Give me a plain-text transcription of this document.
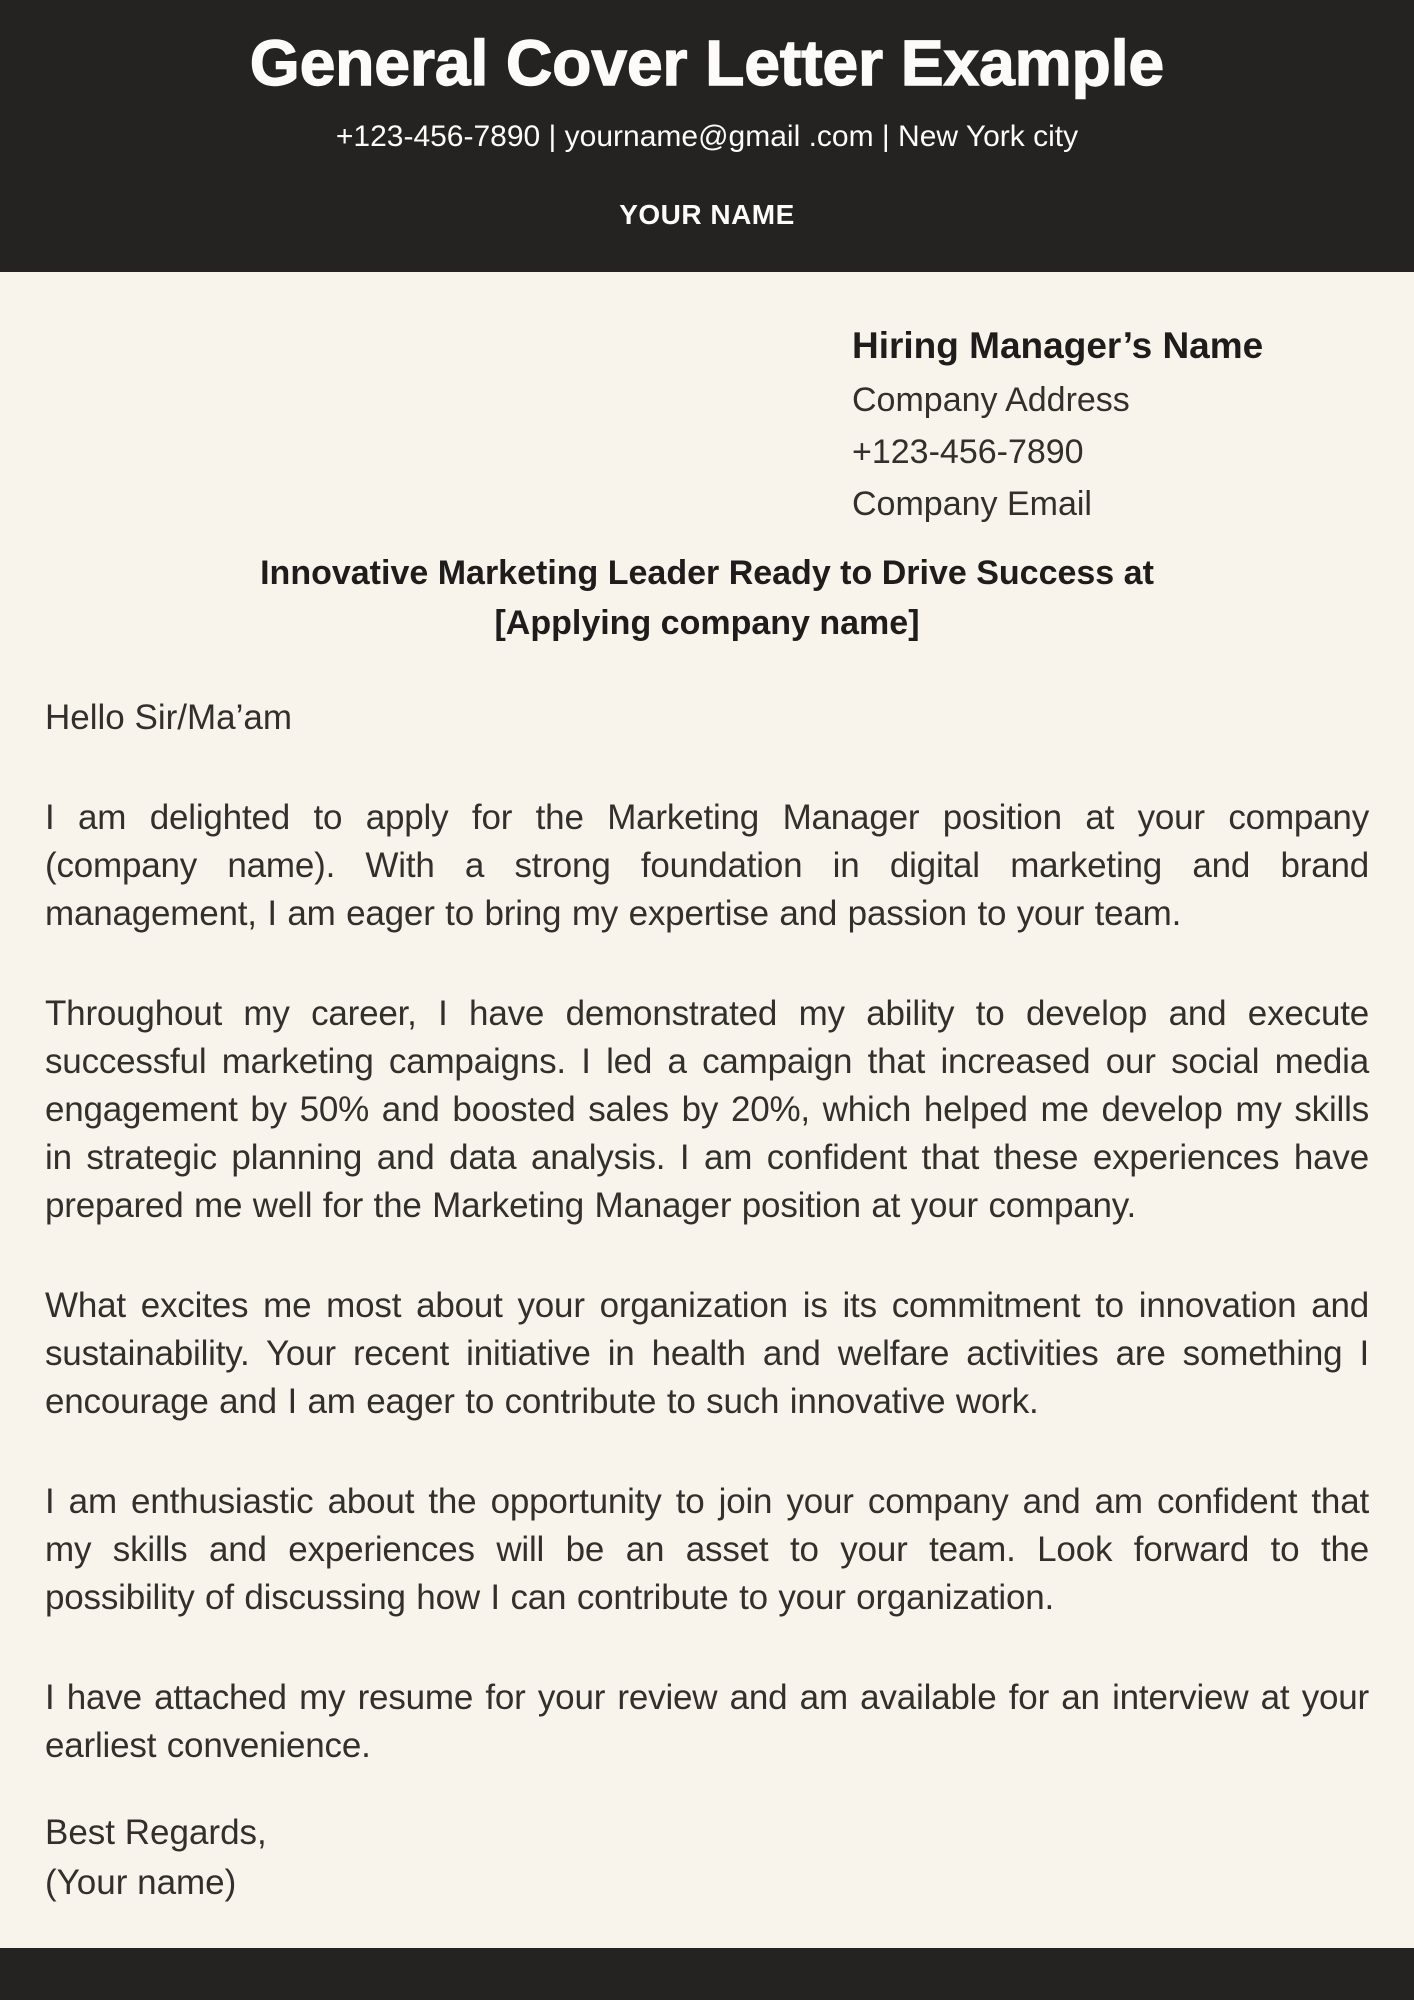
General Cover Letter Example
+123-456-7890 | yourname@gmail .com | New York city
YOUR NAME
Hiring Manager’s Name
Company Address
+123-456-7890
Company Email
Innovative Marketing Leader Ready to Drive Success at
[Applying company name]
Hello Sir/Ma’am

I am delighted to apply for the Marketing Manager position at your company (company name). With a strong foundation in digital marketing and brand management, I am eager to bring my expertise and passion to your team.

Throughout my career, I have demonstrated my ability to develop and execute successful marketing campaigns. I led a campaign that increased our social media engagement by 50% and boosted sales by 20%, which helped me develop my skills in strategic planning and data analysis. I am confident that these experiences have prepared me well for the Marketing Manager position at your company.

What excites me most about your organization is its commitment to innovation and sustainability. Your recent initiative in health and welfare activities are something I encourage and I am eager to contribute to such innovative work.

I am enthusiastic about the opportunity to join your company and am confident that my skills and experiences will be an asset to your team. Look forward to the possibility of discussing how I can contribute to your organization.

I have attached my resume for your review and am available for an interview at your earliest convenience.

Best Regards,
(Your name)
